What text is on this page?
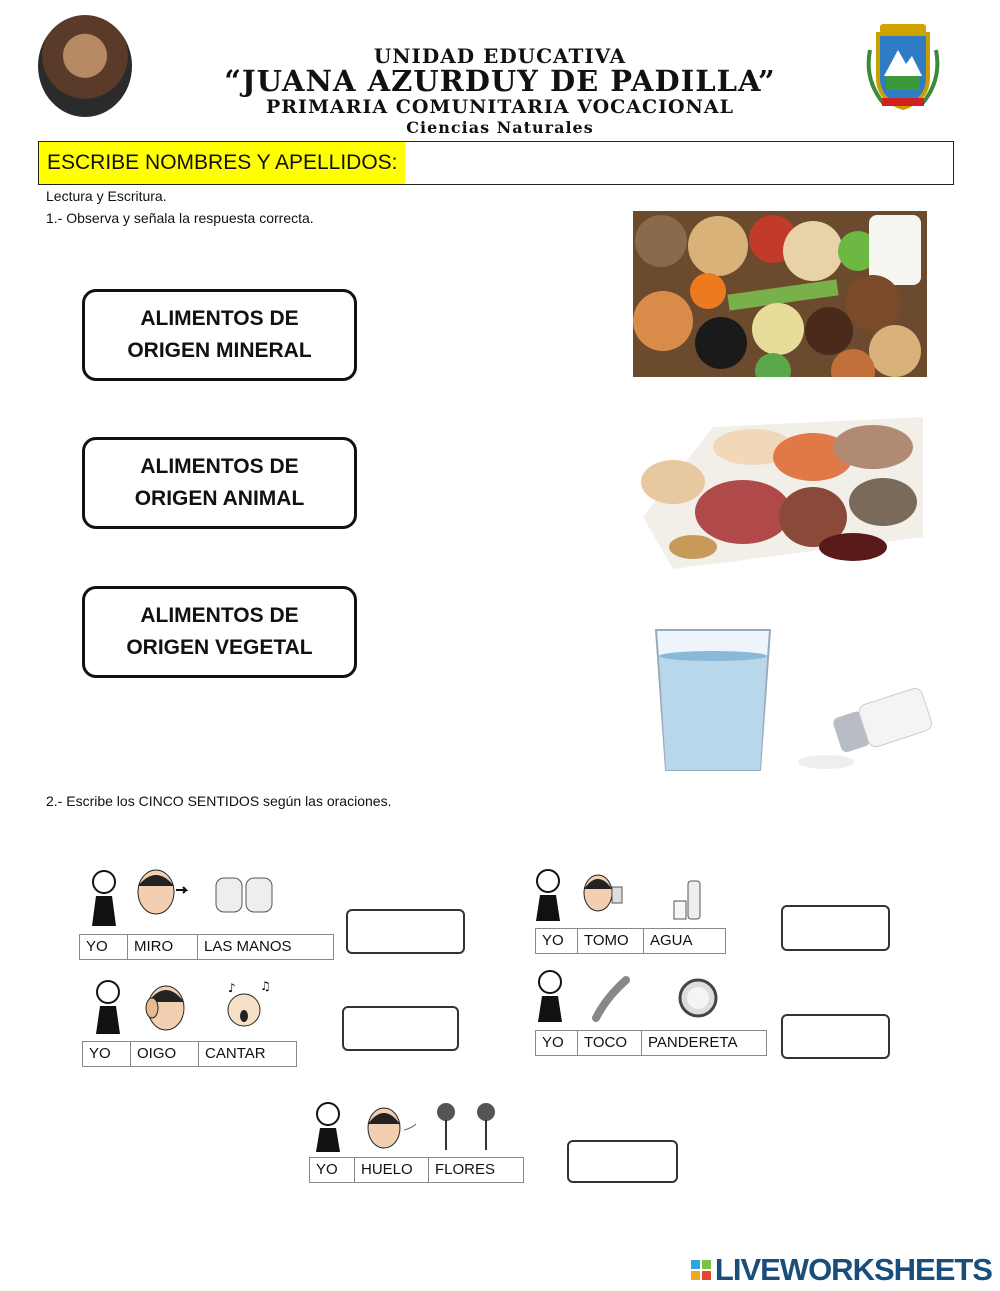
UNIDAD EDUCATIVA
“JUANA AZURDUY DE PADILLA”
PRIMARIA COMUNITARIA VOCACIONAL
Ciencias Naturales
ESCRIBE NOMBRES Y APELLIDOS:
Lectura y Escritura.
1.- Observa y señala la respuesta correcta.
ALIMENTOS DE
ORIGEN MINERAL
ALIMENTOS DE
ORIGEN ANIMAL
ALIMENTOS DE
ORIGEN VEGETAL
2.- Escribe los CINCO SENTIDOS según las oraciones.
YO	MIRO	LAS MANOS
♪ ♫
YO	OIGO	CANTAR
YO	TOMO	AGUA
YO	TOCO	PANDERETA
YO	HUELO	FLORES
LIVEWORKSHEETS
